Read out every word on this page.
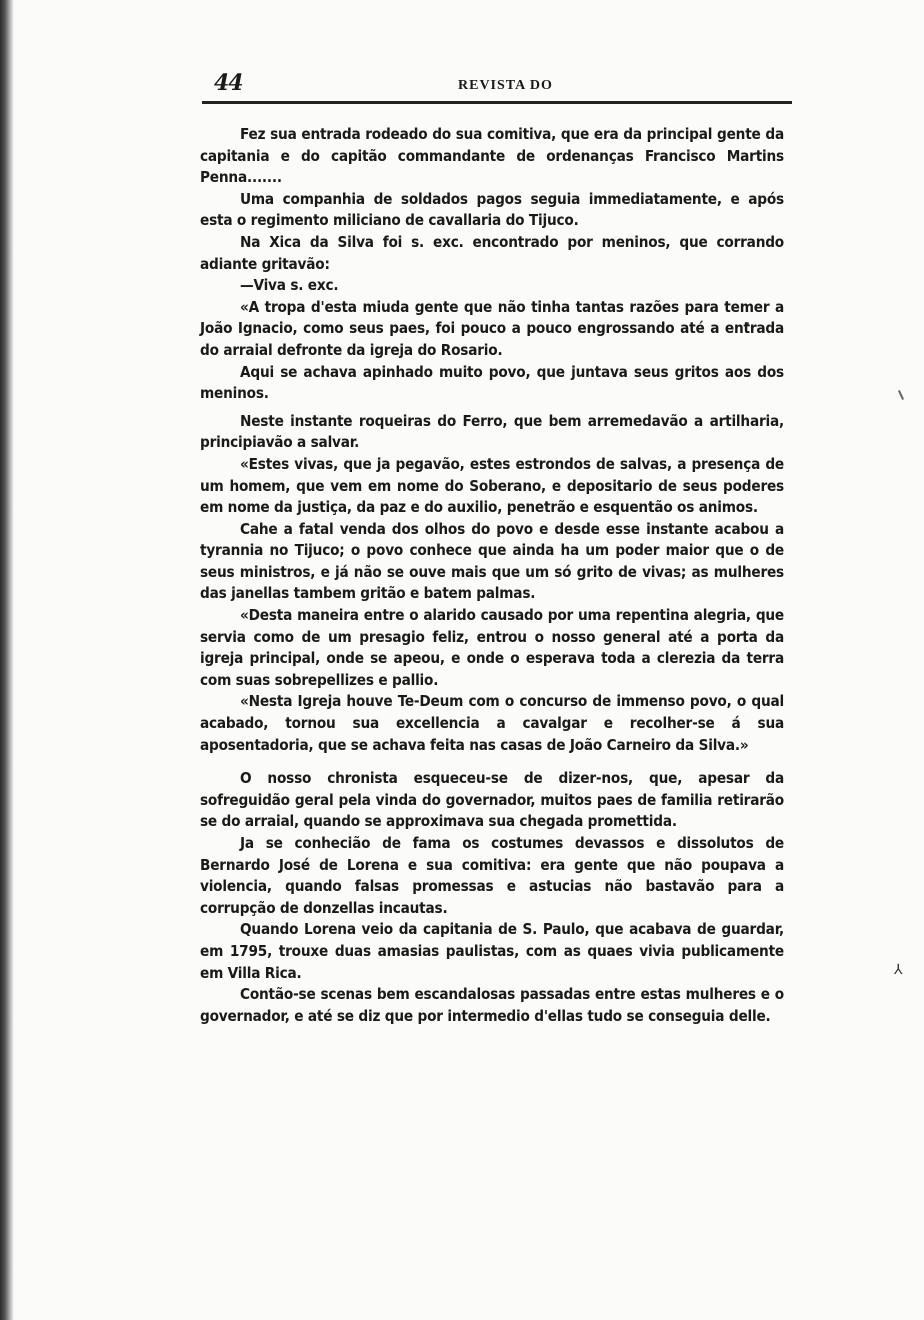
44	REVISTA DO
⅄

Fez sua entrada rodeado do sua comitiva, que era da principal gente da capitania e do capitão commandante de ordenanças Francisco Martins Penna.......

Uma companhia de soldados pagos seguia immediatamente, e após esta o regimento miliciano de cavallaria do Tijuco.

Na Xica da Silva foi s. exc. encontrado por meninos, que corrando adiante gritavão:

—Viva s. exc.

«A tropa d'esta miuda gente que não tinha tantas razões para temer a João Ignacio, como seus paes, foi pouco a pouco engrossando até a entrada do arraial defronte da igreja do Rosario.

Aqui se achava apinhado muito povo, que juntava seus gritos aos dos meninos.

Neste instante roqueiras do Ferro, que bem arremedavão a artilharia, principiavão a salvar.

«Estes vivas, que ja pegavão, estes estrondos de salvas, a presença de um homem, que vem em nome do Soberano, e depositario de seus poderes em nome da justiça, da paz e do auxilio, penetrão e esquentão os animos.

Cahe a fatal venda dos olhos do povo e desde esse instante acabou a tyrannia no Tijuco; o povo conhece que ainda ha um poder maior que o de seus ministros, e já não se ouve mais que um só grito de vivas; as mulheres das janellas tambem gritão e batem palmas.

«Desta maneira entre o alarido causado por uma repentina alegria, que servia como de um presagio feliz, entrou o nosso general até a porta da igreja principal, onde se apeou, e onde o esperava toda a clerezia da terra com suas sobrepellizes e pallio.

«Nesta Igreja houve Te-Deum com o concurso de immenso povo, o qual acabado, tornou sua excellencia a cavalgar e recolher-se á sua aposentadoria, que se achava feita nas casas de João Carneiro da Silva.»

O nosso chronista esqueceu-se de dizer-nos, que, apesar da sofreguidão geral pela vinda do governador, muitos paes de familia retirarão se do arraial, quando se approximava sua chegada promettida.

Ja se conhecião de fama os costumes devassos e dissolutos de Bernardo José de Lorena e sua comitiva: era gente que não poupava a violencia, quando falsas promessas e astucias não bastavão para a corrupção de donzellas incautas.

Quando Lorena veio da capitania de S. Paulo, que acabava de guardar, em 1795, trouxe duas amasias paulistas, com as quaes vivia publicamente em Villa Rica.

Contão-se scenas bem escandalosas passadas entre estas mulheres e o governador, e até se diz que por intermedio d'ellas tudo se conseguia delle.
